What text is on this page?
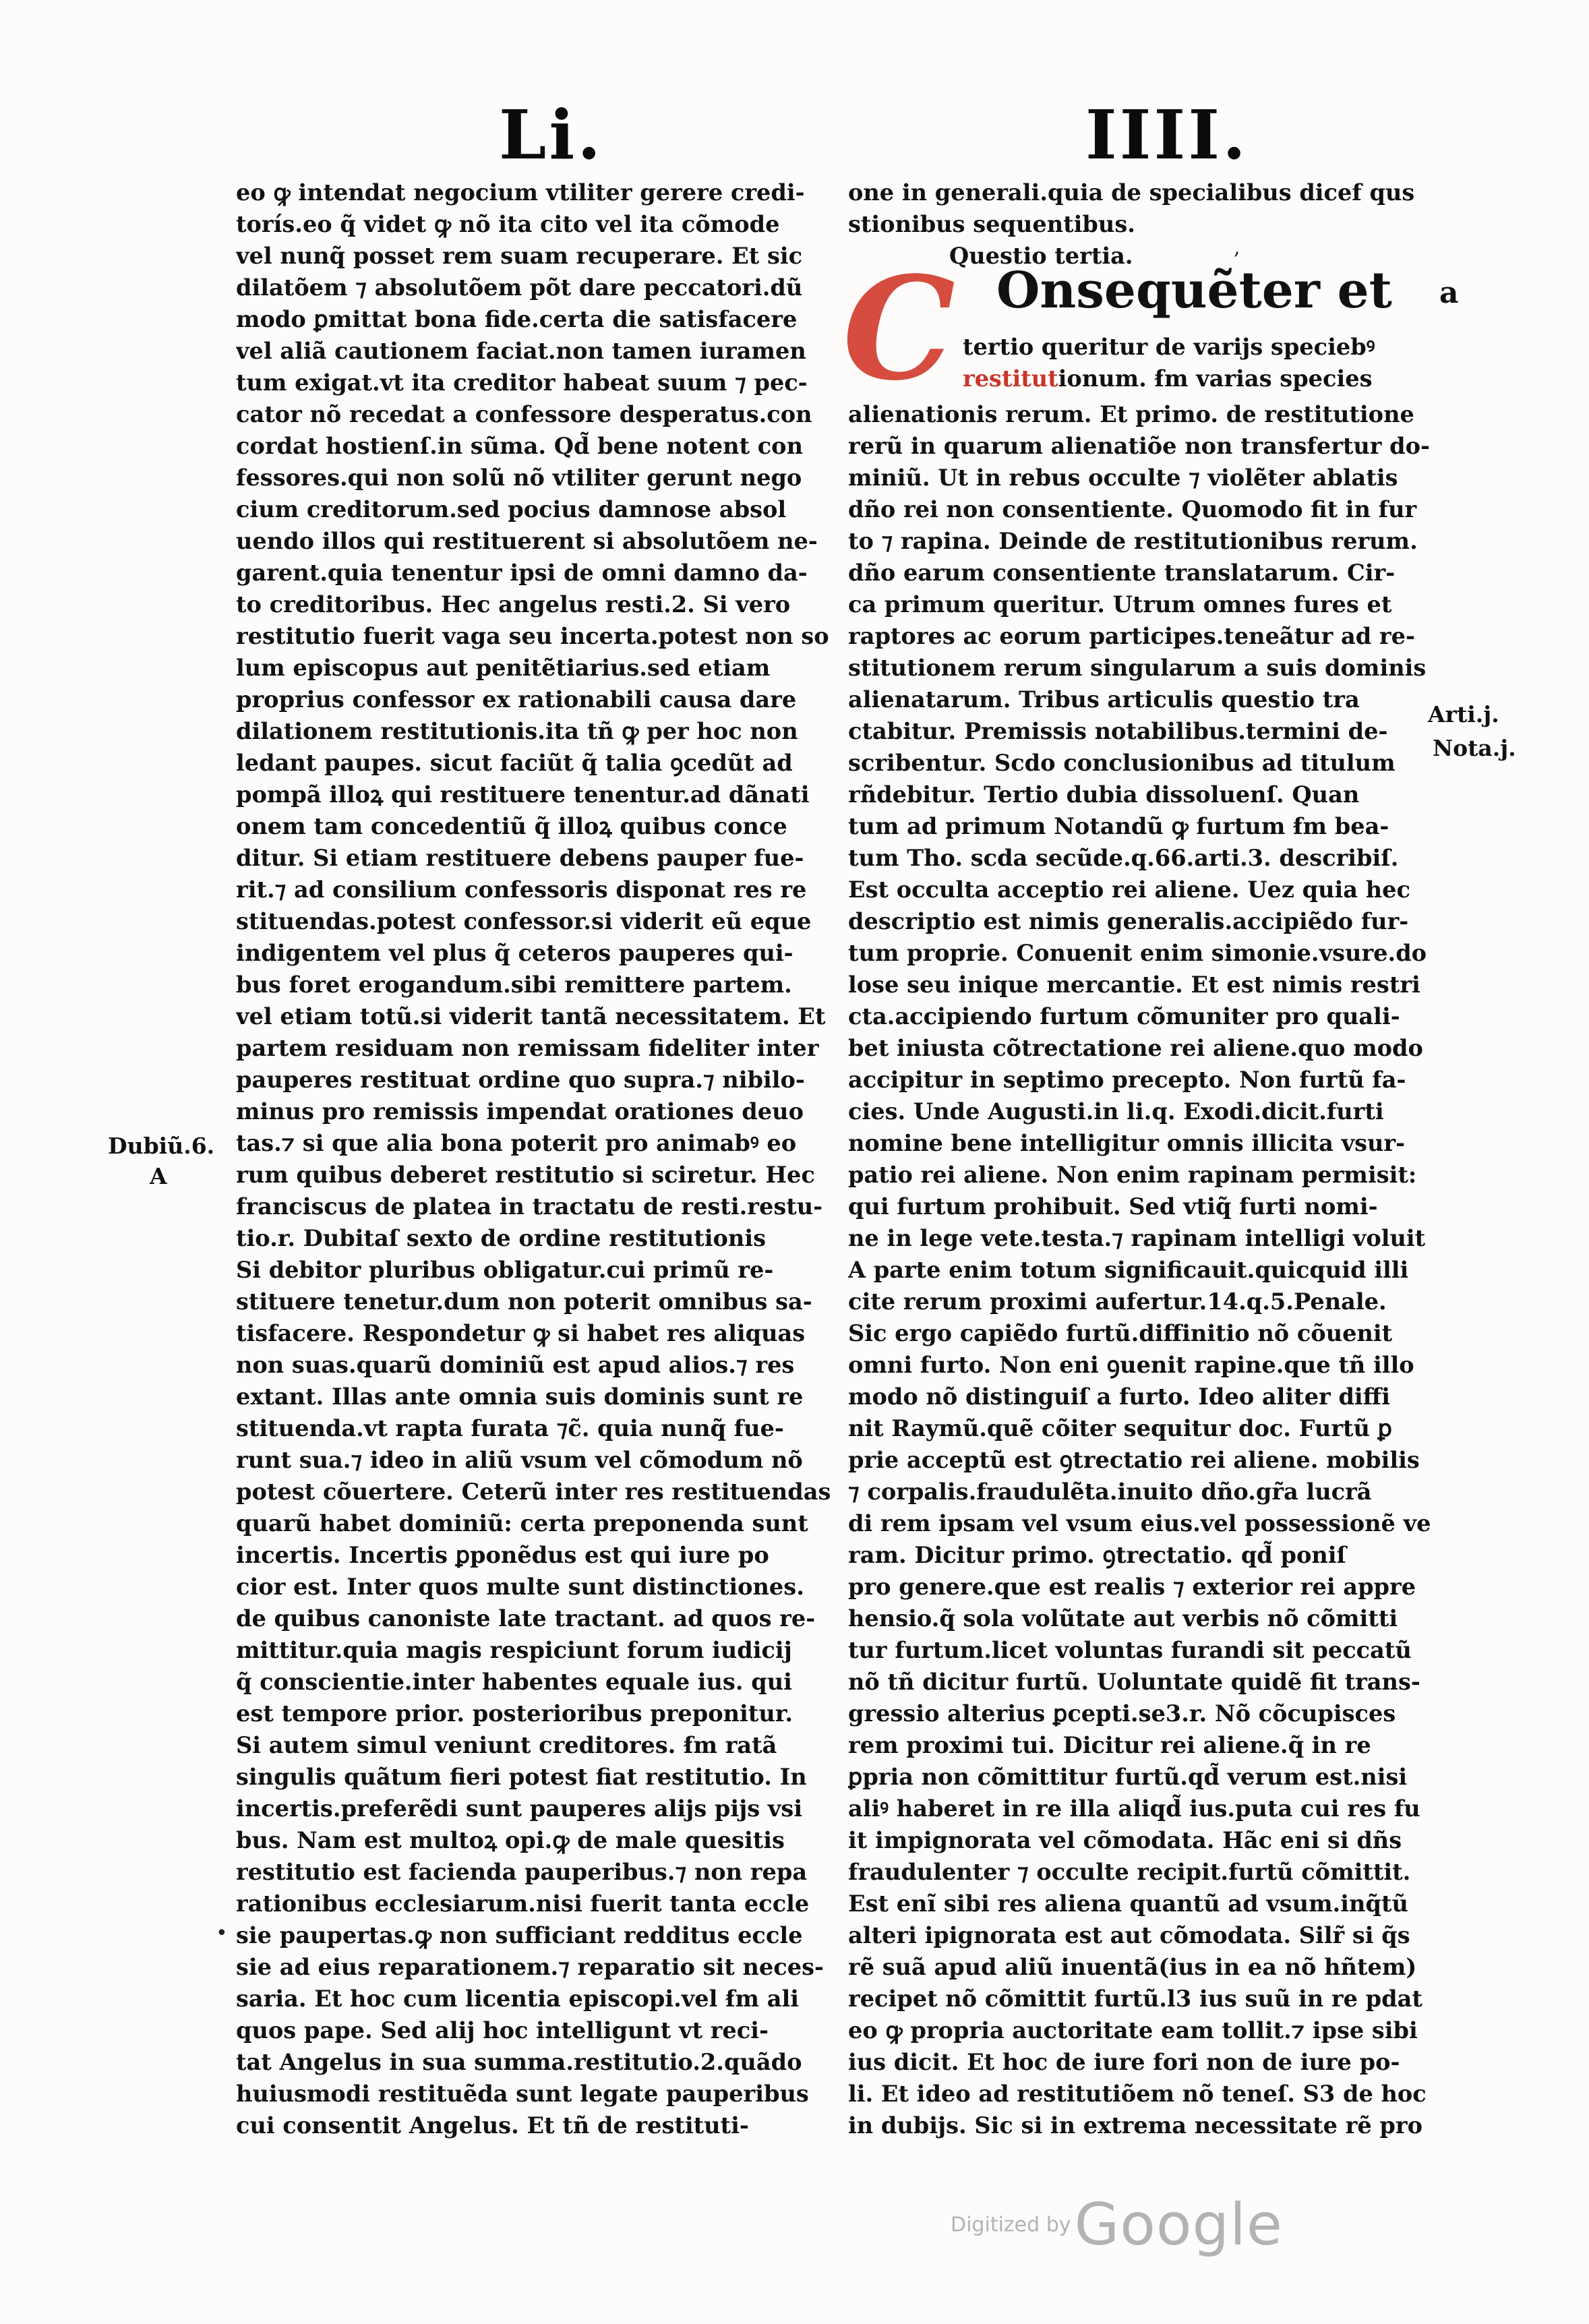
Li.	IIII.
eo ꝙ intendat negocium vtiliter gerere credi-
torís.eo q̃ videt ꝙ nõ ita cito vel ita cõmode
vel nunq̃ posset rem suam recuperare. Et sic
dilatõem ⁊ absolutõem põt dare peccatori.dũ
modo ꝑmittat bona fide.certa die satisfacere
vel aliã cautionem faciat.non tamen iuramen
tum exigat.vt ita creditor habeat suum ⁊ pec-
cator nõ recedat a confessore desperatus.con
cordat hostienſ.in sũma. Qd̃ bene notent con
fessores.qui non solũ nõ vtiliter gerunt nego
cium creditorum.sed pocius damnose absol
uendo illos qui restituerent si absolutõem ne-
garent.quia tenentur ipsi de omni damno da-
to creditoribus. Hec angelus resti.2. Si vero
restitutio fuerit vaga seu incerta.potest non so
lum episcopus aut penitẽtiarius.sed etiam
proprius confessor ex rationabili causa dare
dilationem restitutionis.ita tñ ꝙ per hoc non
ledant paupes. sicut faciũt q̃ talia ꝯcedũt ad
pompã illoꝝ qui restituere tenentur.ad dãnati
onem tam concedentiũ q̃ illoꝝ quibus conce
ditur. Si etiam restituere debens pauper fue-
rit.⁊ ad consilium confessoris disponat res re
stituendas.potest confessor.si viderit eũ eque
indigentem vel plus q̃ ceteros pauperes qui-
bus foret erogandum.sibi remittere partem.
vel etiam totũ.si viderit tantã necessitatem. Et
partem residuam non remissam fideliter inter
pauperes restituat ordine quo supra.⁊ nibilo-
minus pro remissis impendat orationes deuo
tas.⁊ si que alia bona poterit pro animabꝰ eo
rum quibus deberet restitutio si sciretur. Hec
franciscus de platea in tractatu de resti.restu-
tio.r. Dubitaſ sexto de ordine restitutionis
Si debitor pluribus obligatur.cui primũ re-
stituere tenetur.dum non poterit omnibus sa-
tisfacere. Respondetur ꝙ si habet res aliquas
non suas.quarũ dominiũ est apud alios.⁊ res
extant. Illas ante omnia suis dominis sunt re
stituenda.vt rapta furata ⁊c̃. quia nunq̃ fue-
runt sua.⁊ ideo in aliũ vsum vel cõmodum nõ
potest cõuertere. Ceterũ inter res restituendas
quarũ habet dominiũ: certa preponenda sunt
incertis. Incertis ꝑponẽdus est qui iure po
cior est. Inter quos multe sunt distinctiones.
de quibus canoniste late tractant. ad quos re-
mittitur.quia magis respiciunt forum iudicij
q̃ conscientie.inter habentes equale ius. qui
est tempore prior. posterioribus preponitur.
Si autem simul veniunt creditores. ẜm ratã
singulis quãtum fieri potest fiat restitutio. In
incertis.preferẽdi sunt pauperes alijs pijs vsi
bus. Nam est multoꝝ opi.ꝙ de male quesitis
restitutio est facienda pauperibus.⁊ non repa
rationibus ecclesiarum.nisi fuerit tanta eccle
sie paupertas.ꝙ non sufficiant redditus eccle
sie ad eius reparationem.⁊ reparatio sit neces-
saria. Et hoc cum licentia episcopi.vel ẜm ali
quos pape. Sed alij hoc intelligunt vt reci-
tat Angelus in sua summa.restitutio.2.quãdo
huiusmodi restituẽda sunt legate pauperibus
cui consentit Angelus. Et tñ de restituti-
one in generali.quia de specialibus dicef qus
stionibus sequentibus.
Questio tertia.
C Onsequẽter et
tertio queritur de varijs speciebꝰ
restitutionum. ẜm varias species
alienationis rerum. Et primo. de restitutione
rerũ in quarum alienatiõe non transfertur do-
miniũ. Ut in rebus occulte ⁊ violẽter ablatis
dño rei non consentiente. Quomodo fit in fur
to ⁊ rapina. Deinde de restitutionibus rerum.
dño earum consentiente translatarum. Cir-
ca primum queritur. Utrum omnes fures et
raptores ac eorum participes.teneãtur ad re-
stitutionem rerum singularum a suis dominis
alienatarum. Tribus articulis questio tra
ctabitur. Premissis notabilibus.termini de-
scribentur. Scdo conclusionibus ad titulum
rñdebitur. Tertio dubia dissoluenſ. Quan
tum ad primum Notandũ ꝙ furtum ẜm bea-
tum Tho. scda secũde.q.66.arti.3. describiſ.
Est occulta acceptio rei aliene. Uez quia hec
descriptio est nimis generalis.accipiẽdo fur-
tum proprie. Conuenit enim simonie.vsure.do
lose seu inique mercantie. Et est nimis restri
cta.accipiendo furtum cõmuniter pro quali-
bet iniusta cõtrectatione rei aliene.quo modo
accipitur in septimo precepto. Non furtũ fa-
cies. Unde Augusti.in li.q. Exodi.dicit.furti
nomine bene intelligitur omnis illicita vsur-
patio rei aliene. Non enim rapinam permisit:
qui furtum prohibuit. Sed vtiq̃ furti nomi-
ne in lege vete.testa.⁊ rapinam intelligi voluit
A parte enim totum significauit.quicquid illi
cite rerum proximi aufertur.14.q.5.Penale.
Sic ergo capiẽdo furtũ.diffinitio nõ cõuenit
omni furto. Non eni ꝯuenit rapine.que tñ illo
modo nõ distinguiſ a furto. Ideo aliter diffi
nit Raymũ.quẽ cõiter sequitur doc. Furtũ ꝑ
prie acceptũ est ꝯtrectatio rei aliene. mobilis
⁊ corpalis.fraudulẽta.inuito dño.gr̃a lucrã
di rem ipsam vel vsum eius.vel possessionẽ ve
ram. Dicitur primo. ꝯtrectatio. qd̃ poniſ
pro genere.que est realis ⁊ exterior rei appre
hensio.q̃ sola volũtate aut verbis nõ cõmitti
tur furtum.licet voluntas furandi sit peccatũ
nõ tñ dicitur furtũ. Uoluntate quidẽ fit trans-
gressio alterius ꝑcepti.se3.r. Nõ cõcupisces
rem proximi tui. Dicitur rei aliene.q̃ in re
ꝑpria non cõmittitur furtũ.qd̃ verum est.nisi
aliꝰ haberet in re illa aliqd̃ ius.puta cui res fu
it impignorata vel cõmodata. Hãc eni si dñs
fraudulenter ⁊ occulte recipit.furtũ cõmittit.
Est enĩ sibi res aliena quantũ ad vsum.inq̃tũ
alteri ipignorata est aut cõmodata. Silr̃ si q̃s
rẽ suã apud aliũ inuentã(ius in ea nõ hñtem)
recipet nõ cõmittit furtũ.l3 ius suũ in re pdat
eo ꝙ propria auctoritate eam tollit.⁊ ipse sibi
ius dicit. Et hoc de iure fori non de iure po-
li. Et ideo ad restitutiõem nõ teneſ. S3 de hoc
in dubijs. Sic si in extrema necessitate rẽ pro
Dubiũ.6.
A
a
Arti.j.
Nota.j.
,
•
Digitized by Google
